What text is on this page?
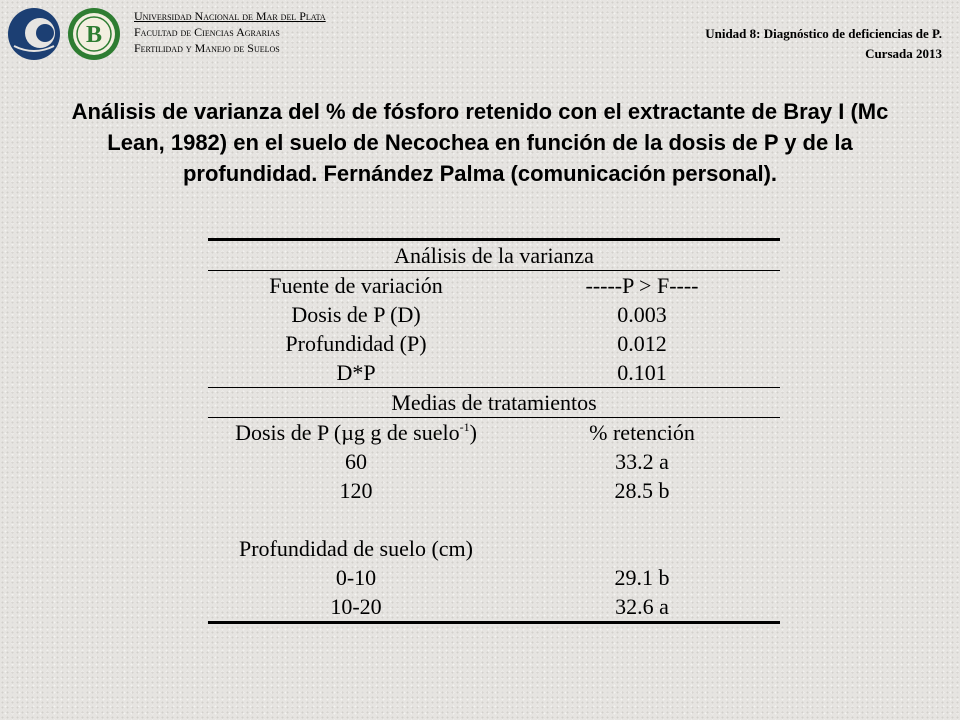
B
Universidad Nacional de Mar del Plata
Facultad de Ciencias Agrarias
Fertilidad y Manejo de Suelos
Unidad 8: Diagnóstico de deficiencias de P.
Cursada 2013
Análisis de varianza del % de fósforo retenido con el extractante de Bray I (Mc Lean, 1982) en el suelo de Necochea en función de la dosis de P y de la profundidad. Fernández Palma (comunicación personal).
Análisis de la varianza
Fuente de variación	-----P > F----
Dosis de P (D)	0.003
Profundidad (P)	0.012
D*P	0.101
Medias de tratamientos
Dosis de P (µg g de suelo$^{-1}$)	% retención
60	33.2 a
120	28.5 b
Profundidad de suelo (cm)
0-10	29.1 b
10-20	32.6 a
